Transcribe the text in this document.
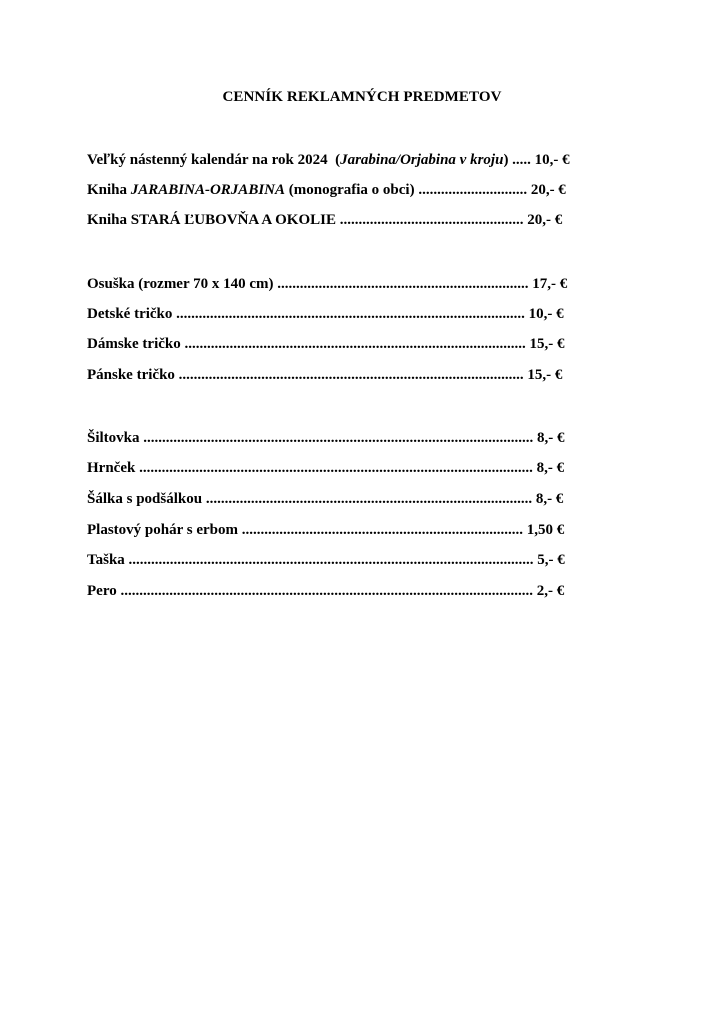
CENNÍK REKLAMNÝCH PREDMETOV
Veľký nástenný kalendár na rok 2024  (Jarabina/Orjabina v kroju) ..... 10,- €
Kniha JARABINA-ORJABINA (monografia o obci) ............................. 20,- €
Kniha STARÁ ĽUBOVŇA A OKOLIE ................................................. 20,- €
Osuška (rozmer 70 x 140 cm) ................................................................... 17,- €
Detské tričko ............................................................................................. 10,- €
Dámske tričko ........................................................................................... 15,- €
Pánske tričko ............................................................................................ 15,- €
Šiltovka ........................................................................................................ 8,- €
Hrnček ......................................................................................................... 8,- €
Šálka s podšálkou ....................................................................................... 8,- €
Plastový pohár s erbom ........................................................................... 1,50 €
Taška ............................................................................................................ 5,- €
Pero .............................................................................................................. 2,- €
